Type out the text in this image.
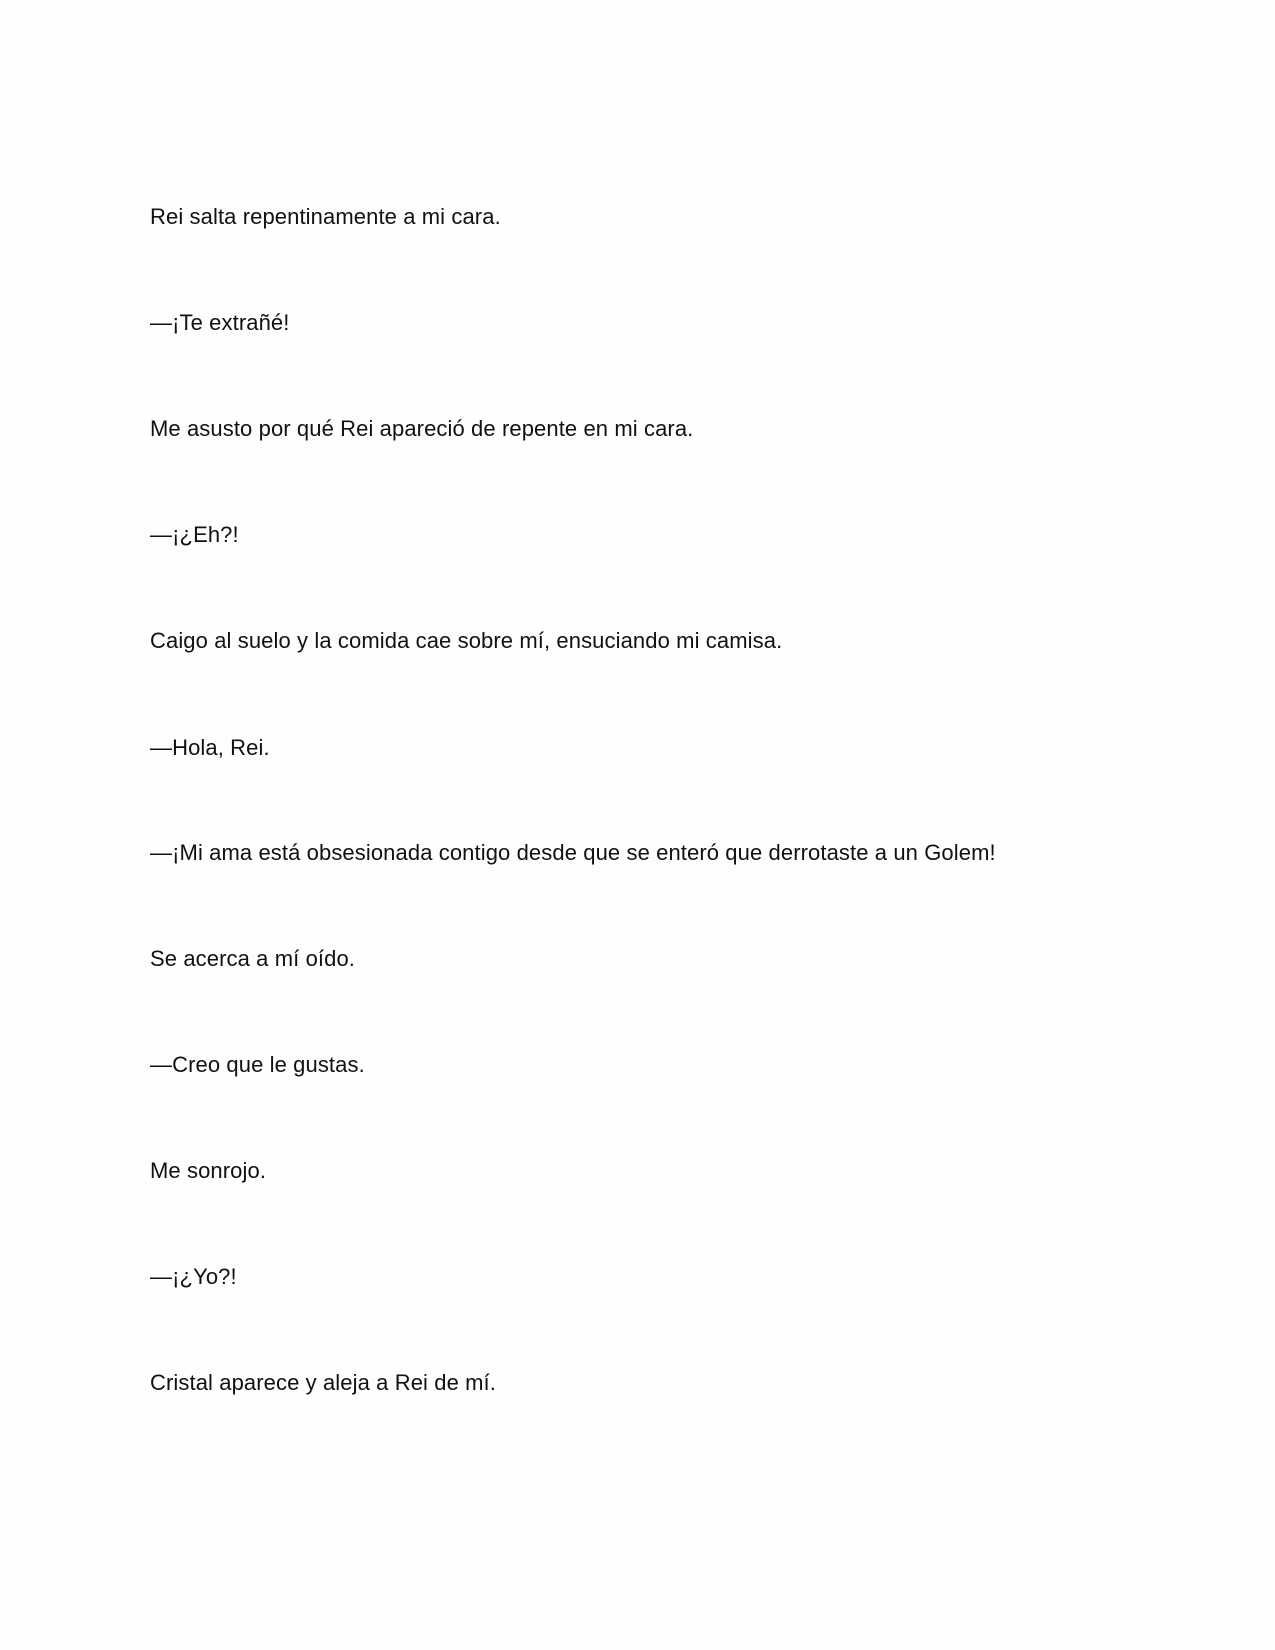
Rei salta repentinamente a mi cara.

—¡Te extrañé!

Me asusto por qué Rei apareció de repente en mi cara.

—¡¿Eh?!

Caigo al suelo y la comida cae sobre mí, ensuciando mi camisa.

—Hola, Rei.

—¡Mi ama está obsesionada contigo desde que se enteró que derrotaste a un Golem!

Se acerca a mí oído.

—Creo que le gustas.

Me sonrojo.

—¡¿Yo?!

Cristal aparece y aleja a Rei de mí.
